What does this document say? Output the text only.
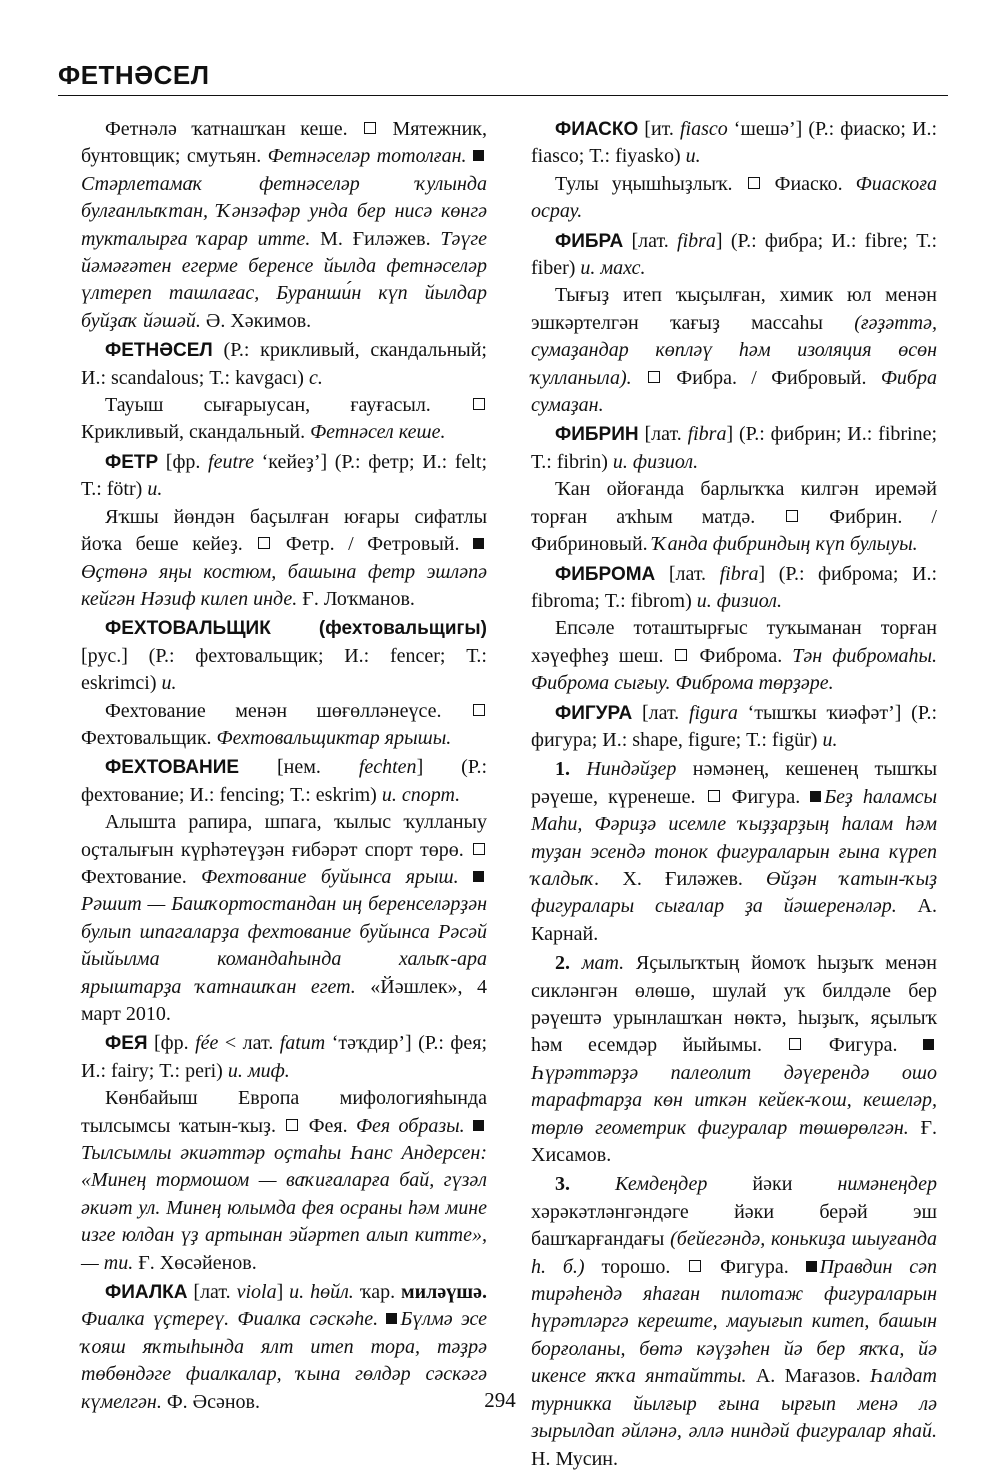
ФЕТНӘСЕЛ

Фетнәлә ҡатнашҡан кеше. Мятежник, бунтовщик; смутьян. Фетнәселәр тотолған. Стәрлетамаҡ фетнәселәр ҡулында булғанлыҡтан, Ҡәнзәфәр унда бер нисә көнгә тукталырға ҡарар итте. М. Ғиләжев. Тәүге йәмәғәтен егерме беренсе йылда фетнәселәр үлтереп ташлағас, Буранши́н күп йылдар буйҙаҡ йәшәй. Ә. Хәкимов.

ФЕТНӘСЕЛ (Р.: крикливый, скандальный; И.: scandalous; Т.: kavgacı) с.

Тауыш сығарыусан, ғауғасыл.  Крикливый, скандальный. Фетнәсел кеше.

ФЕТР [фр. feutre ‘кейеҙ’] (Р.: фетр; И.: felt; Т.: fötr) и.

Яҡшы йөндән баҫылған юғары сифатлы йоҡа беше кейеҙ. Фетр. / Фетровый. Өҫтөнә яңы костюм, башына фетр эшләпә кейгән Нәзиф килеп инде. Ғ. Лоҡманов.

ФЕХТОВАЛЬЩИК (фехтовальщигы) [рус.] (Р.: фехтовальщик; И.: fencer; Т.: eskrimci) и.

Фехтование менән шөғөлләнеүсе.  Фехтовальщик. Фехтовальщиктар ярышы.

ФЕХТОВАНИЕ [нем. fechten] (Р.: фехтование; И.: fencing; Т.: eskrim) и. спорт.

Алышта рапира, шпага, ҡылыс ҡулланыу оҫталығын күрһәтеүҙән ғибәрәт спорт төрө.  Фехтование. Фехтование буйынса ярыш. Рәшит — Башҡортостандан иң беренселәрҙән булып шпагаларҙа фехтование буйынса Рәсәй йыйылма командаһында халыҡ-ара ярыштарҙа ҡатнашҡан егет. «Йәшлек», 4 март 2010.

ФЕЯ [фр. fée < лат. fatum ‘тәҡдир’] (Р.: фея; И.: fairy; Т.: peri) и. миф.

Көнбайыш Европа мифологияһында тылсымсы ҡатын-ҡыҙ. Фея. Фея образы. Тылсымлы әкиәттәр оҫтаһы Һанс Андерсен: «Минең тормошом — ваҡиғаларға бай, гүзәл әкиәт ул. Минең юлымда фея осраны һәм мине изге юлдан үҙ артынан эйәртеп алып китте», — ти. Ғ. Хөсәйенов.

ФИАЛКА [лат. viola] и. һөйл. ҡар. миләүшә. Фиалка үҫтереү. Фиалка сәскәһе. Бүлмә эсе ҡояш яҡтыһында ялт итеп тора, тәҙрә төбөндәге фиалкалар, ҡына гөлдәр сәскәгә күмелгән. Ф. Әсәнов.

ФИАСКО [ит. fiasco ‘шешә’] (Р.: фиаско; И.: fiasco; Т.: fiyasko) и.

Тулы уңышһыҙлыҡ. Фиаско. Фиаскоға осрау.

ФИБРА [лат. fibra] (Р.: фибра; И.: fibre; Т.: fiber) и. махс.

Тығыҙ итеп ҡыҫылған, химик юл менән эшкәртелгән ҡағыҙ массаһы (ғәҙәттә, сумаҙандар көпләү һәм изоляция өсөн ҡулланыла). Фибра. / Фибровый. Фибра сумаҙан.

ФИБРИН [лат. fibra] (Р.: фибрин; И.: fibrine; Т.: fibrin) и. физиол.

Ҡан ойоғанда барлыҡҡа килгән иремәй торған аҡһым матдә.	Фибрин. / Фибриновый. Ҡанда фибриндың күп булыуы.

ФИБРОМА [лат. fibra] (Р.: фиброма; И.: fibroma; Т.: fibrom) и. физиол.

Епсәле тоташтырғыс туҡыманан торған хәүефһеҙ шеш. Фиброма. Тән фибромаһы. Фиброма сығыу. Фиброма төрҙәре.

ФИГУРА [лат. figura ‘тышҡы ҡиәфәт’] (Р.: фигура; И.: shape, figure; Т.: figür) и.

1. Ниндәйҙер нәмәнең, кешенең тышҡы рәүеше, күренеше. Фигура. Беҙ һаламсы Маһи, Фәриҙә исемле ҡыҙҙарҙың һалам һәм туҙан эсендә тонок фигураларын ғына күреп ҡалдыҡ. Х. Ғиләжев. Өйҙән ҡатын-ҡыҙ фигуралары сығалар ҙа йәшеренәләр. А. Карнай.

2. мат. Яҫылыҡтың йомоҡ һыҙыҡ менән сикләнгән өлөшө, шулай уҡ билдәле бер рәүештә урынлашҡан нөктә, һыҙыҡ, яҫылыҡ һәм есемдәр йыйымы.	Фигура. Һүрәттәрҙә палеолит дәүерендә ошо тарафтарҙа көн иткән кейек-ҡош, кешеләр, төрлө геометрик фигуралар төшөрөлгән. Ғ. Хисамов.

3. Кемдеңдер йәки нимәнеңдер хәрәкәтләнгәндәге йәки берәй эш башҡарғандағы (бейегәндә, конькиҙа шыуғанда һ. б.) торошо. Фигура. Правдин сәп тирәһендә яһаған пилотаж фигураларын һүрәтләргә кереште, мауығып китеп, башын борғоланы, бөтә кәүҙәһен йә бер яҡҡа, йә икенсе яҡҡа янтайтты. А. Мағазов. Һалдат турникка йылғыр ғына ырғып менә лә зырылдап әйләнә, әллә ниндәй фигуралар яһай. Н. Мусин.

294
